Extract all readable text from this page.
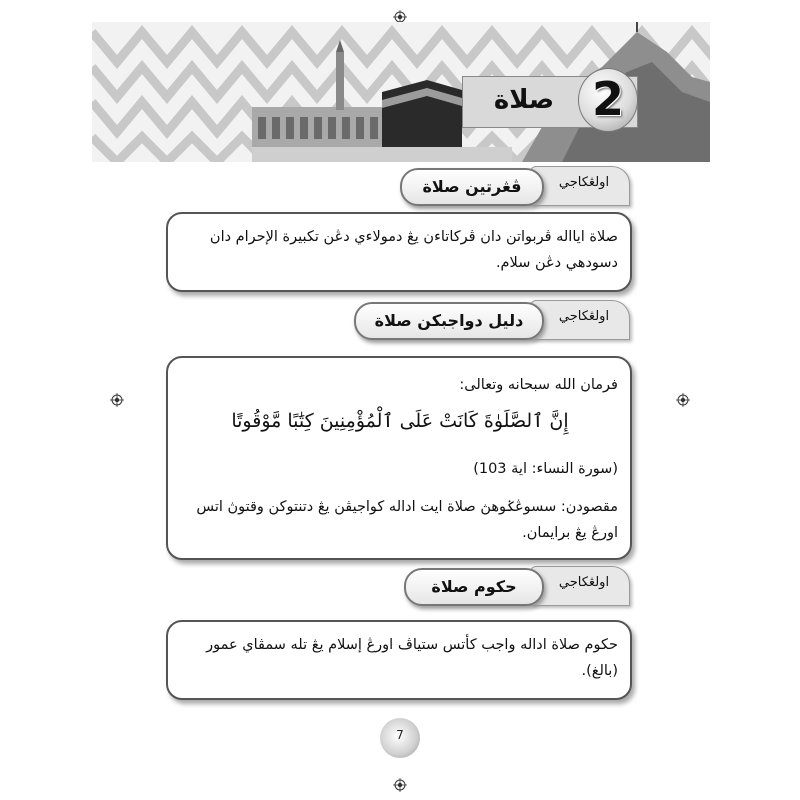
صلاة 2
اولڠكاجي
ڤڠرتين صلاة
صلاة ايااله ڤربواتن دان ڤركاتاءن يڠ دمولاءي دڠن تكبيرة الإحرام دان دسودهي دڠن سلام.
اولڠكاجي
دليل دواجبكن صلاة
فرمان الله سبحانه وتعالى:
إِنَّ ٱلصَّلَوٰةَ كَانَتْ عَلَى ٱلْمُؤْمِنِينَ كِتَٰبًا مَّوْقُوتًا
(سورة النساء: اية 103)
مقصودن: سسوڠݢوهڽ صلاة ايت اداله كواجيڤن يڠ دتنتوكن وقتوڽ اتس اورڠ يڠ برايمان.
اولڠكاجي
حكوم صلاة
حكوم صلاة اداله واجب كأتس ستياڤ اورڠ إسلام يڠ تله سمڤاي عمور (بالغ).
7
